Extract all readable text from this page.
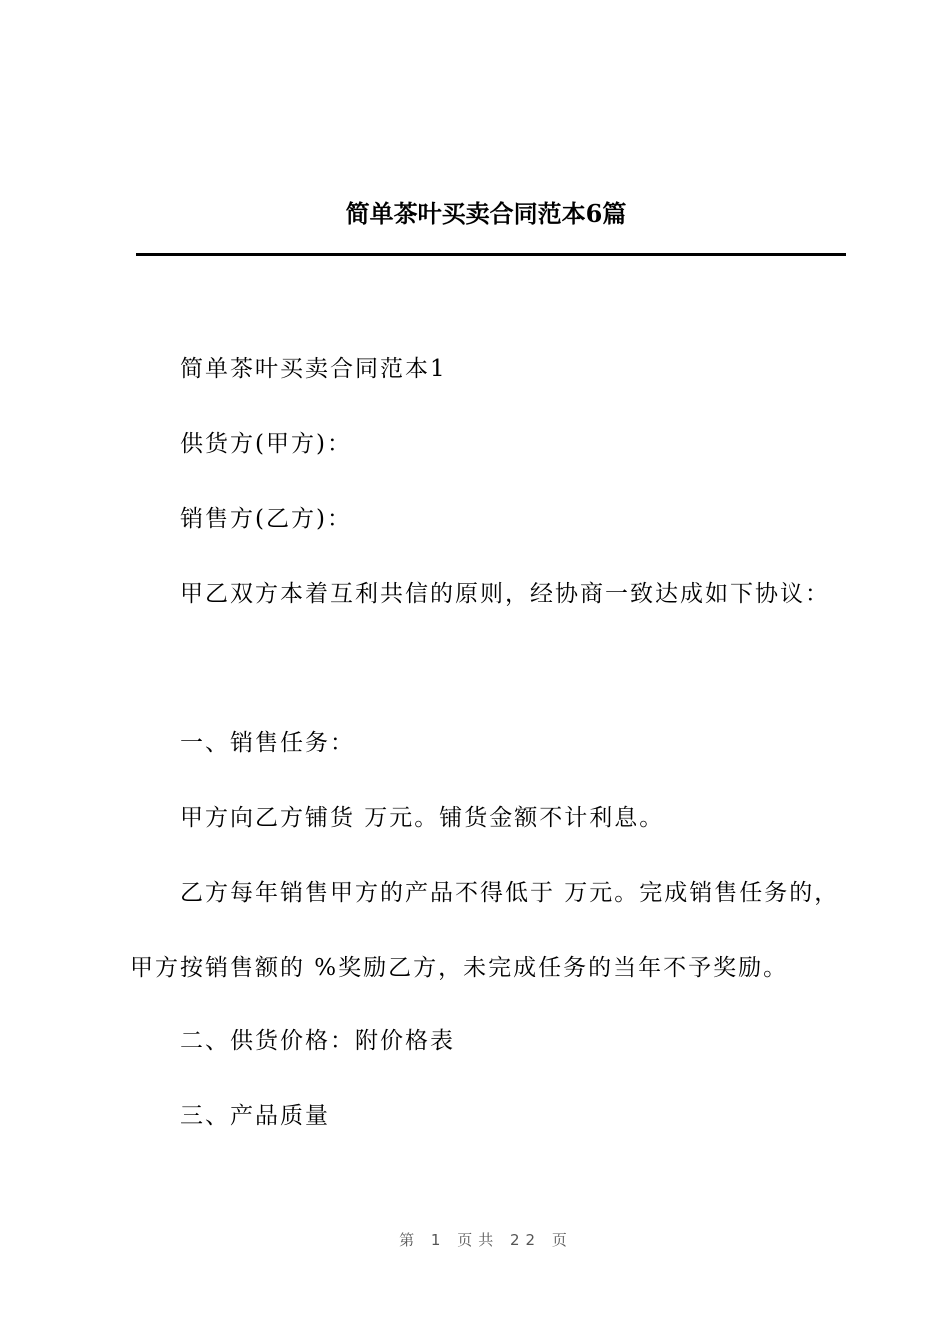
简单茶叶买卖合同范本6篇
简单茶叶买卖合同范本1
供货方(甲方)：
销售方(乙方)：
甲乙双方本着互利共信的原则，经协商一致达成如下协议：
一、销售任务：
甲方向乙方铺货 万元。铺货金额不计利息。
乙方每年销售甲方的产品不得低于 万元。完成销售任务的，
甲方按销售额的 %奖励乙方，未完成任务的当年不予奖励。
二、供货价格：附价格表
三、产品质量
第 1 页共 22 页
